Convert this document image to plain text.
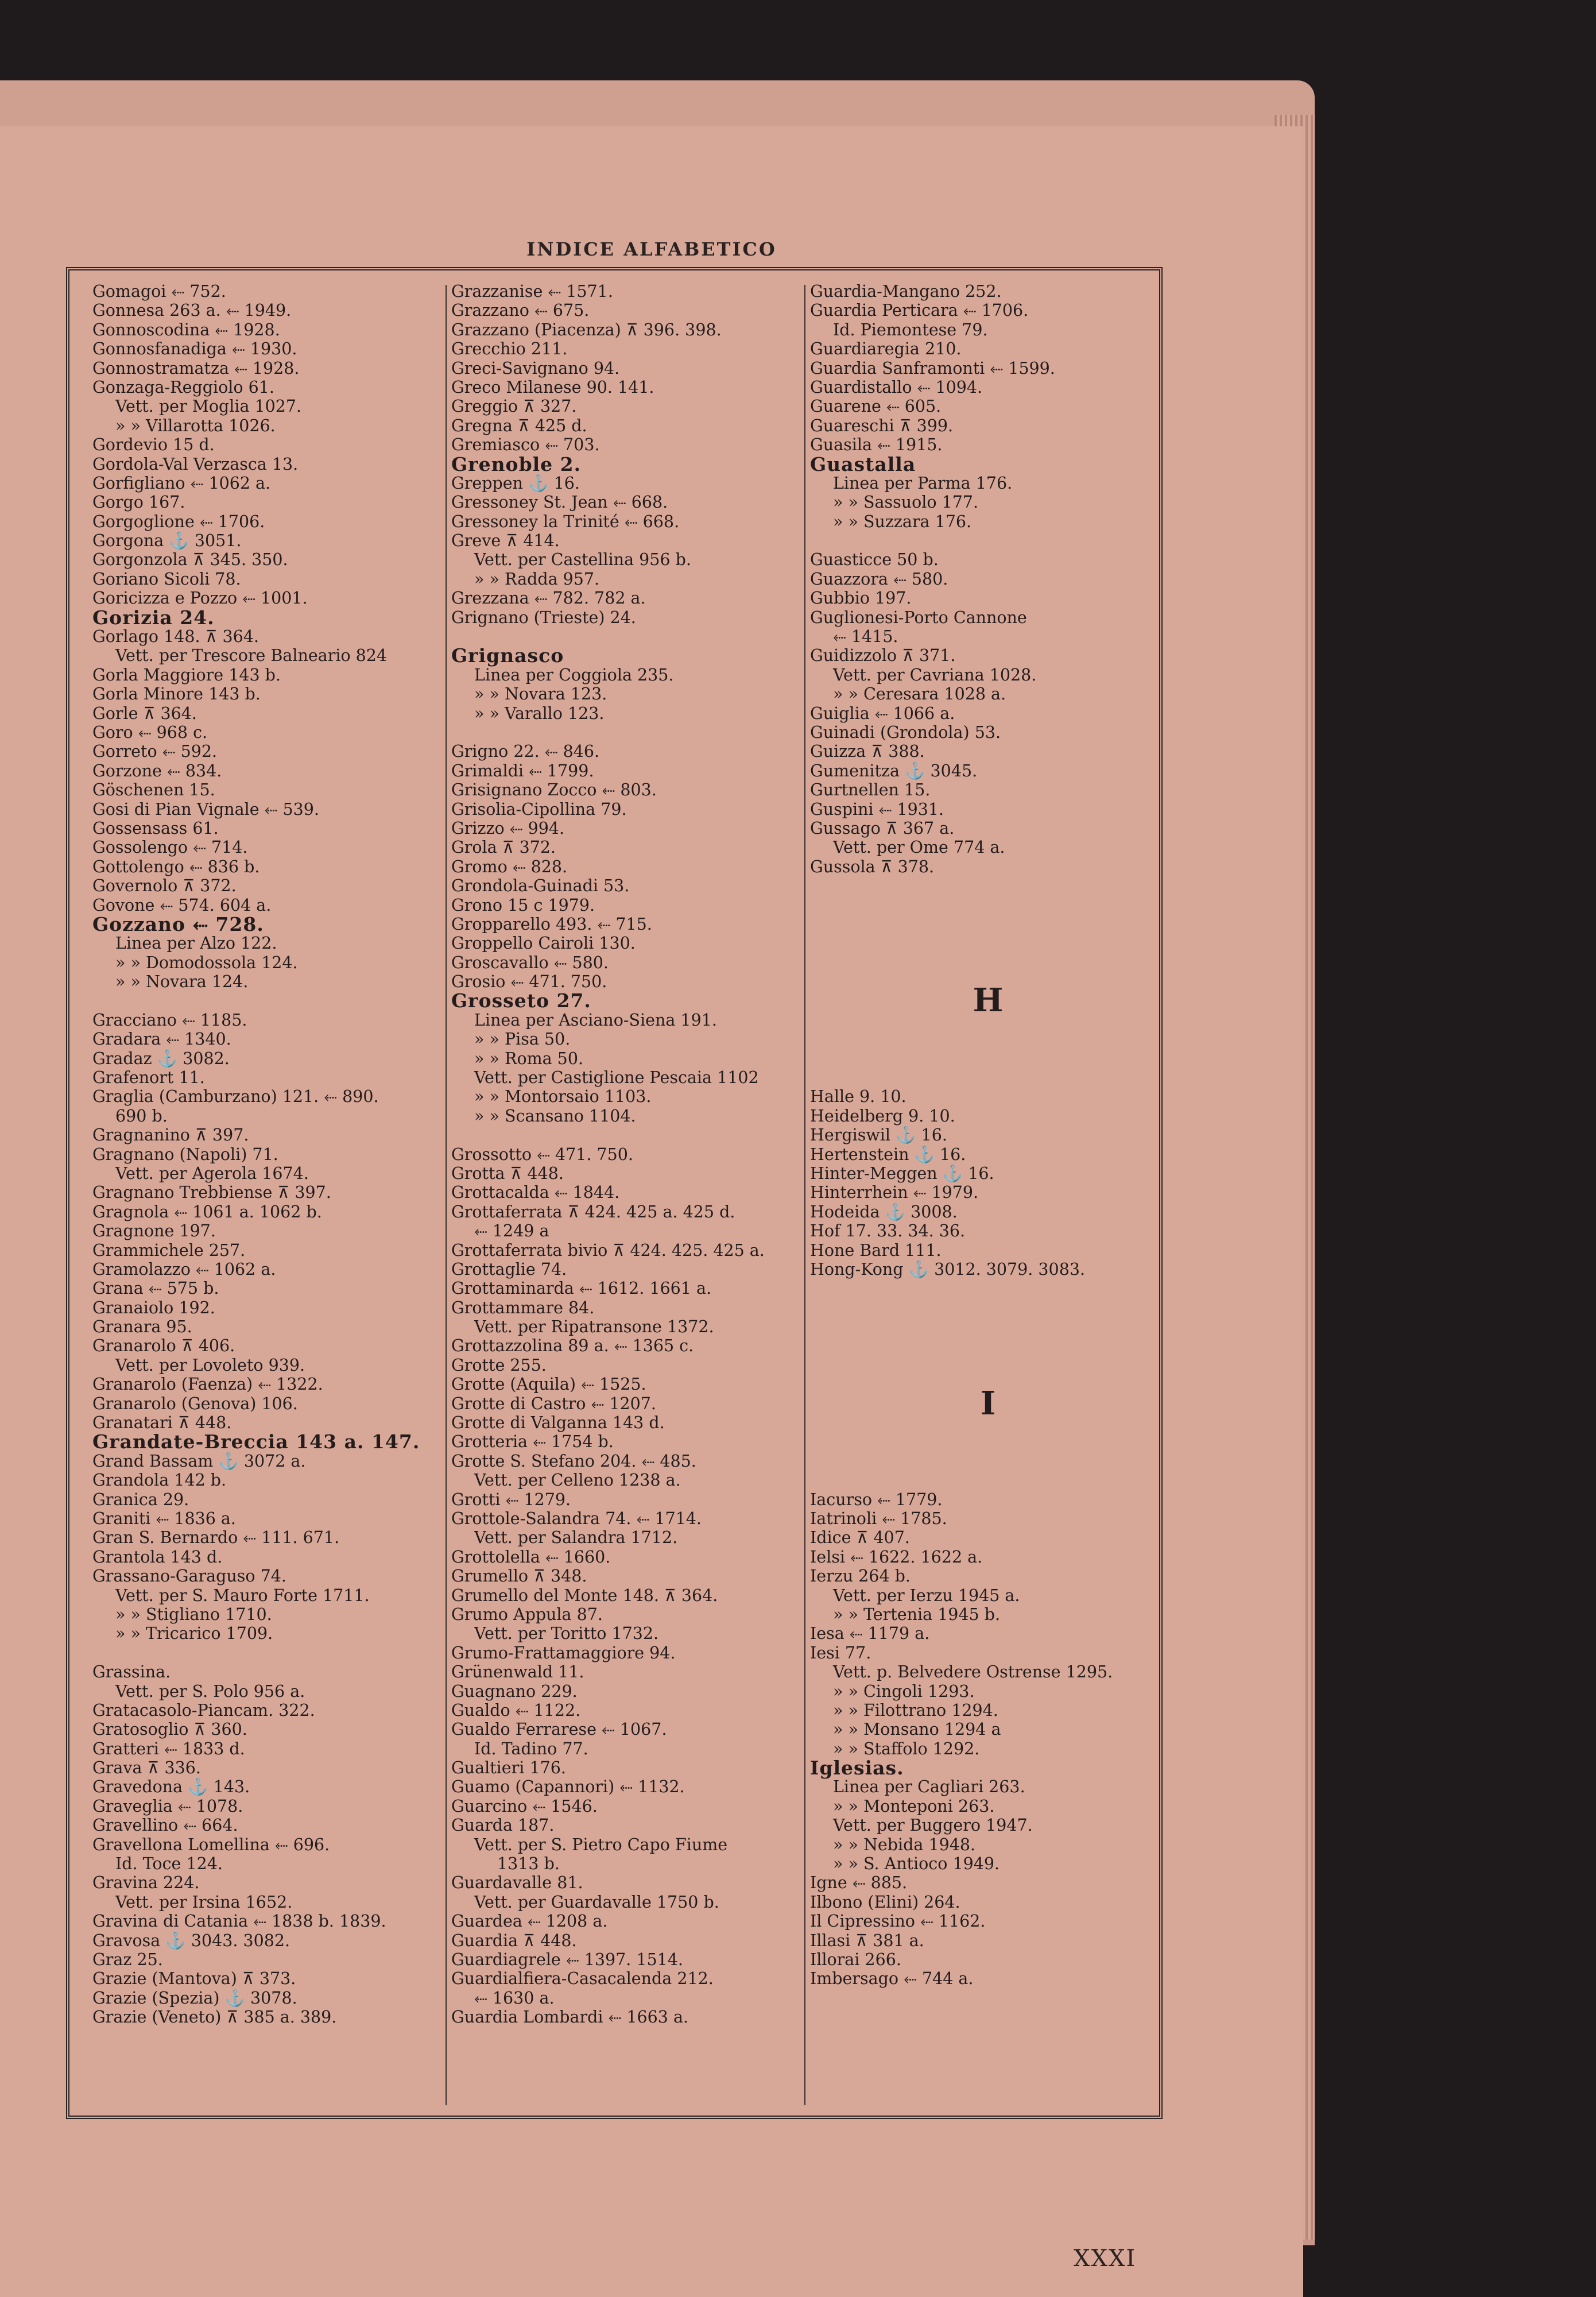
INDICE ALFABETICO
Gomagoi ⬸ 752.
Gonnesa 263 a. ⬸ 1949.
Gonnoscodina ⬸ 1928.
Gonnosfanadiga ⬸ 1930.
Gonnostramatza ⬸ 1928.
Gonzaga-Reggiolo 61.
Vett. per Moglia 1027.
» » Villarotta 1026.
Gordevio 15 d.
Gordola-Val Verzasca 13.
Gorfigliano ⬸ 1062 a.
Gorgo 167.
Gorgoglione ⬸ 1706.
Gorgona ⚓ 3051.
Gorgonzola ⊼ 345. 350.
Goriano Sicoli 78.
Goricizza e Pozzo ⬸ 1001.
Gorizia 24.
Gorlago 148. ⊼ 364.
Vett. per Trescore Balneario 824
Gorla Maggiore 143 b.
Gorla Minore 143 b.
Gorle ⊼ 364.
Goro ⬸ 968 c.
Gorreto ⬸ 592.
Gorzone ⬸ 834.
Göschenen 15.
Gosi di Pian Vignale ⬸ 539.
Gossensass 61.
Gossolengo ⬸ 714.
Gottolengo ⬸ 836 b.
Governolo ⊼ 372.
Govone ⬸ 574. 604 a.
Gozzano ⬸ 728.
Linea per Alzo 122.
» » Domodossola 124.
» » Novara 124.
Gracciano ⬸ 1185.
Gradara ⬸ 1340.
Gradaz ⚓ 3082.
Grafenort 11.
Graglia (Camburzano) 121. ⬸ 890.
690 b.
Gragnanino ⊼ 397.
Gragnano (Napoli) 71.
Vett. per Agerola 1674.
Gragnano Trebbiense ⊼ 397.
Gragnola ⬸ 1061 a. 1062 b.
Gragnone 197.
Grammichele 257.
Gramolazzo ⬸ 1062 a.
Grana ⬸ 575 b.
Granaiolo 192.
Granara 95.
Granarolo ⊼ 406.
Vett. per Lovoleto 939.
Granarolo (Faenza) ⬸ 1322.
Granarolo (Genova) 106.
Granatari ⊼ 448.
Grandate-Breccia 143 a. 147.
Grand Bassam ⚓ 3072 a.
Grandola 142 b.
Granica 29.
Graniti ⬸ 1836 a.
Gran S. Bernardo ⬸ 111. 671.
Grantola 143 d.
Grassano-Garaguso 74.
Vett. per S. Mauro Forte 1711.
» » Stigliano 1710.
» » Tricarico 1709.
Grassina.
Vett. per S. Polo 956 a.
Gratacasolo-Piancam. 322.
Gratosoglio ⊼ 360.
Gratteri ⬸ 1833 d.
Grava ⊼ 336.
Gravedona ⚓ 143.
Graveglia ⬸ 1078.
Gravellino ⬸ 664.
Gravellona Lomellina ⬸ 696.
Id. Toce 124.
Gravina 224.
Vett. per Irsina 1652.
Gravina di Catania ⬸ 1838 b. 1839.
Gravosa ⚓ 3043. 3082.
Graz 25.
Grazie (Mantova) ⊼ 373.
Grazie (Spezia) ⚓ 3078.
Grazie (Veneto) ⊼ 385 a. 389.
Grazzanise ⬸ 1571.
Grazzano ⬸ 675.
Grazzano (Piacenza) ⊼ 396. 398.
Grecchio 211.
Greci-Savignano 94.
Greco Milanese 90. 141.
Greggio ⊼ 327.
Gregna ⊼ 425 d.
Gremiasco ⬸ 703.
Grenoble 2.
Greppen ⚓ 16.
Gressoney St. Jean ⬸ 668.
Gressoney la Trinité ⬸ 668.
Greve ⊼ 414.
Vett. per Castellina 956 b.
» » Radda 957.
Grezzana ⬸ 782. 782 a.
Grignano (Trieste) 24.
Grignasco
Linea per Coggiola 235.
» » Novara 123.
» » Varallo 123.
Grigno 22. ⬸ 846.
Grimaldi ⬸ 1799.
Grisignano Zocco ⬸ 803.
Grisolia-Cipollina 79.
Grizzo ⬸ 994.
Grola ⊼ 372.
Gromo ⬸ 828.
Grondola-Guinadi 53.
Grono 15 c 1979.
Gropparello 493. ⬸ 715.
Groppello Cairoli 130.
Groscavallo ⬸ 580.
Grosio ⬸ 471. 750.
Grosseto 27.
Linea per Asciano-Siena 191.
» » Pisa 50.
» » Roma 50.
Vett. per Castiglione Pescaia 1102
» » Montorsaio 1103.
» » Scansano 1104.
Grossotto ⬸ 471. 750.
Grotta ⊼ 448.
Grottacalda ⬸ 1844.
Grottaferrata ⊼ 424. 425 a. 425 d.
⬸ 1249 a
Grottaferrata bivio ⊼ 424. 425. 425 a.
Grottaglie 74.
Grottaminarda ⬸ 1612. 1661 a.
Grottammare 84.
Vett. per Ripatransone 1372.
Grottazzolina 89 a. ⬸ 1365 c.
Grotte 255.
Grotte (Aquila) ⬸ 1525.
Grotte di Castro ⬸ 1207.
Grotte di Valganna 143 d.
Grotteria ⬸ 1754 b.
Grotte S. Stefano 204. ⬸ 485.
Vett. per Celleno 1238 a.
Grotti ⬸ 1279.
Grottole-Salandra 74. ⬸ 1714.
Vett. per Salandra 1712.
Grottolella ⬸ 1660.
Grumello ⊼ 348.
Grumello del Monte 148. ⊼ 364.
Grumo Appula 87.
Vett. per Toritto 1732.
Grumo-Frattamaggiore 94.
Grünenwald 11.
Guagnano 229.
Gualdo ⬸ 1122.
Gualdo Ferrarese ⬸ 1067.
Id. Tadino 77.
Gualtieri 176.
Guamo (Capannori) ⬸ 1132.
Guarcino ⬸ 1546.
Guarda 187.
Vett. per S. Pietro Capo Fiume
1313 b.
Guardavalle 81.
Vett. per Guardavalle 1750 b.
Guardea ⬸ 1208 a.
Guardia ⊼ 448.
Guardiagrele ⬸ 1397. 1514.
Guardialfiera-Casacalenda 212.
⬸ 1630 a.
Guardia Lombardi ⬸ 1663 a.
Guardia-Mangano 252.
Guardia Perticara ⬸ 1706.
Id. Piemontese 79.
Guardiaregia 210.
Guardia Sanframonti ⬸ 1599.
Guardistallo ⬸ 1094.
Guarene ⬸ 605.
Guareschi ⊼ 399.
Guasila ⬸ 1915.
Guastalla
Linea per Parma 176.
» » Sassuolo 177.
» » Suzzara 176.
Guasticce 50 b.
Guazzora ⬸ 580.
Gubbio 197.
Guglionesi-Porto Cannone
⬸ 1415.
Guidizzolo ⊼ 371.
Vett. per Cavriana 1028.
» » Ceresara 1028 a.
Guiglia ⬸ 1066 a.
Guinadi (Grondola) 53.
Guizza ⊼ 388.
Gumenitza ⚓ 3045.
Gurtnellen 15.
Guspini ⬸ 1931.
Gussago ⊼ 367 a.
Vett. per Ome 774 a.
Gussola ⊼ 378.
H
Halle 9. 10.
Heidelberg 9. 10.
Hergiswil ⚓ 16.
Hertenstein ⚓ 16.
Hinter-Meggen ⚓ 16.
Hinterrhein ⬸ 1979.
Hodeida ⚓ 3008.
Hof 17. 33. 34. 36.
Hone Bard 111.
Hong-Kong ⚓ 3012. 3079. 3083.
I
Iacurso ⬸ 1779.
Iatrinoli ⬸ 1785.
Idice ⊼ 407.
Ielsi ⬸ 1622. 1622 a.
Ierzu 264 b.
Vett. per Ierzu 1945 a.
» » Tertenia 1945 b.
Iesa ⬸ 1179 a.
Iesi 77.
Vett. p. Belvedere Ostrense 1295.
» » Cingoli 1293.
» » Filottrano 1294.
» » Monsano 1294 a
» » Staffolo 1292.
Iglesias.
Linea per Cagliari 263.
» » Monteponi 263.
Vett. per Buggero 1947.
» » Nebida 1948.
» » S. Antioco 1949.
Igne ⬸ 885.
Ilbono (Elini) 264.
Il Cipressino ⬸ 1162.
Illasi ⊼ 381 a.
Illorai 266.
Imbersago ⬸ 744 a.
XXXI
